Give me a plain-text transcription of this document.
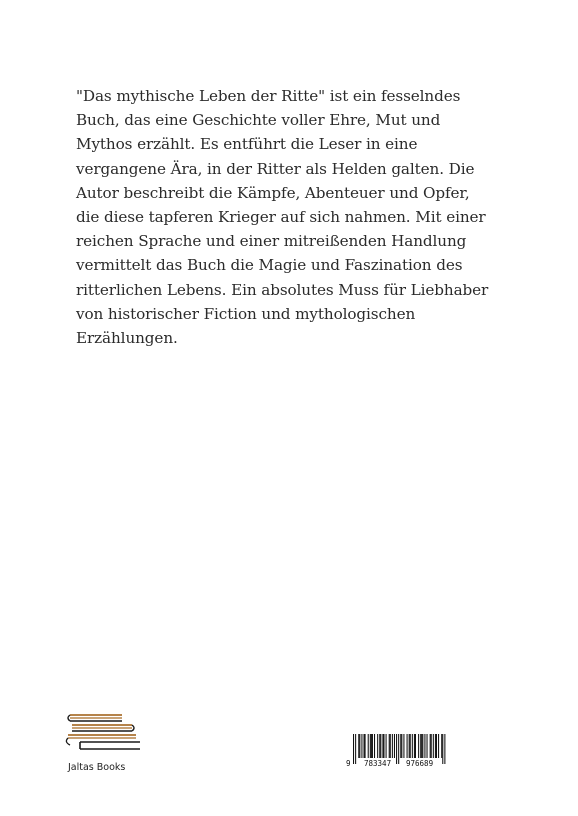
"Das mythische Leben der Ritte" ist ein fesselndes
Buch, das eine Geschichte voller Ehre, Mut und
Mythos erzählt. Es entführt die Leser in eine
vergangene Ära, in der Ritter als Helden galten. Die
Autor beschreibt die Kämpfe, Abenteuer und Opfer,
die diese tapferen Krieger auf sich nahmen. Mit einer
reichen Sprache und einer mitreißenden Handlung
vermittelt das Buch die Magie und Faszination des
ritterlichen Lebens. Ein absolutes Muss für Liebhaber
von historischer Fiction und mythologischen
Erzählungen.

Jaltas Books	9 783347 976689
